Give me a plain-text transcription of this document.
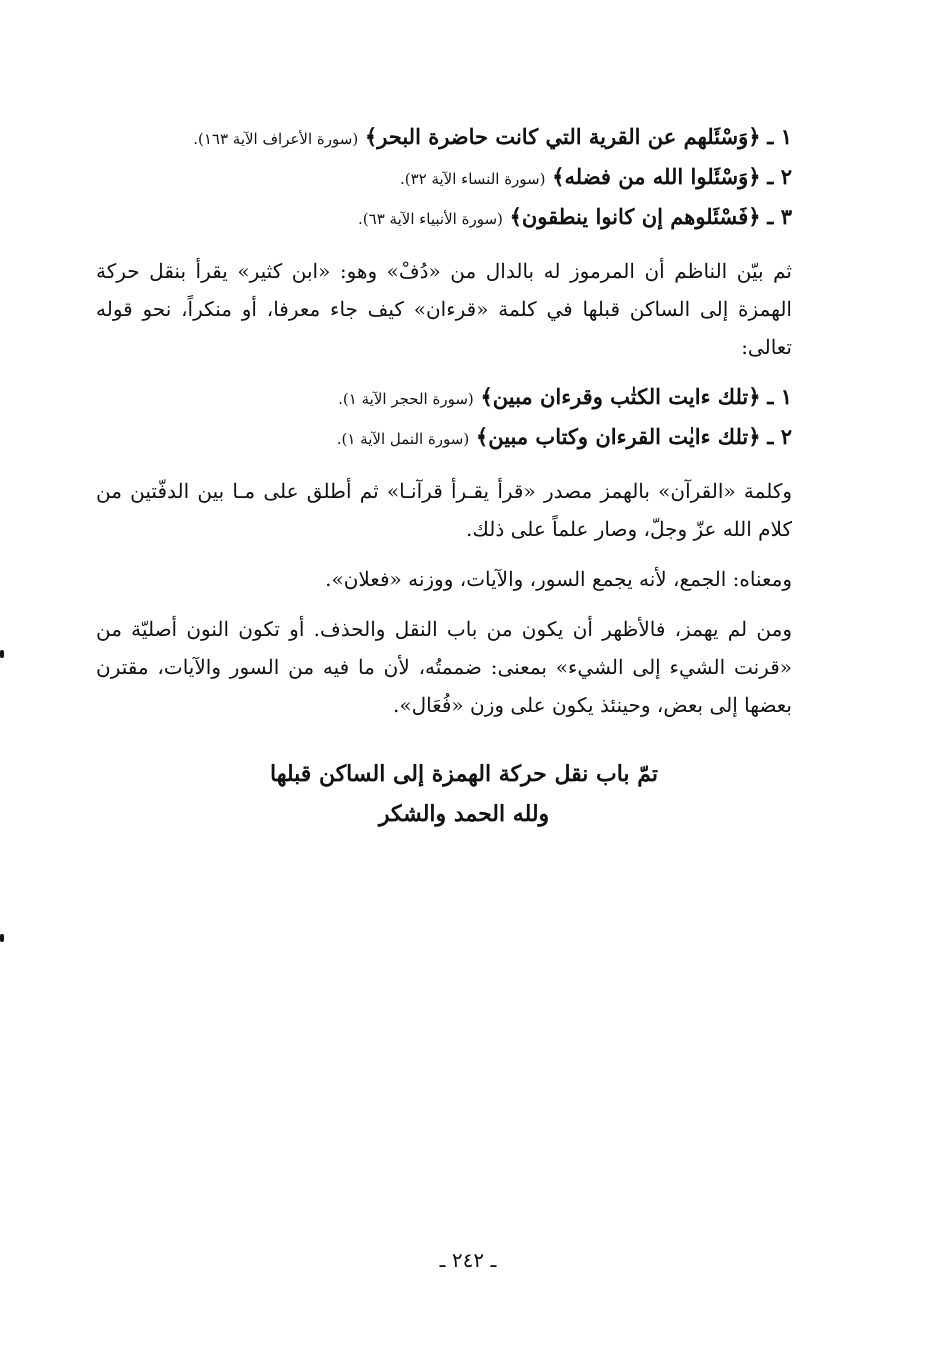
١ ـ ﴿وَسْئَلهم عن القرية التي كانت حاضرة البحر﴾ (سورة الأعراف الآية ١٦٣).
٢ ـ ﴿وَسْئَلوا الله من فضله﴾ (سورة النساء الآية ٣٢).
٣ ـ ﴿فَسْئَلوهم إن كانوا ينطقون﴾ (سورة الأنبياء الآية ٦٣).

ثم بيّن الناظم أن المرموز له بالدال من «دُفْ» وهو: «ابن كثير» يقرأ بنقل حركة الهمزة إلى الساكن قبلها في كلمة «قرءان» كيف جاء معرفا، أو منكراً، نحو قوله تعالى:

١ ـ ﴿تلك ءايت الكتٰب وقرءان مبين﴾ (سورة الحجر الآية ١).
٢ ـ ﴿تلك ءايٰت القرءان وكتاب مبين﴾ (سورة النمل الآية ١).

وكلمة «القرآن» بالهمز مصدر «قرأ يقـرأ قرآنـا» ثم أطلق على مـا بين الدفّتين من كلام الله عزّ وجلّ، وصار علماً على ذلك.

ومعناه: الجمع، لأنه يجمع السور، والآيات، ووزنه «فعلان».

ومن لم يهمز، فالأظهر أن يكون من باب النقل والحذف. أو تكون النون أصليّة من «قرنت الشيء إلى الشيء» بمعنى: ضممتُه، لأن ما فيه من السور والآيات، مقترن بعضها إلى بعض، وحينئذ يكون على وزن «فُعَال».

تمّ باب نقل حركة الهمزة إلى الساكن قبلها
ولله الحمد والشكر
ـ ٢٤٢ ـ
